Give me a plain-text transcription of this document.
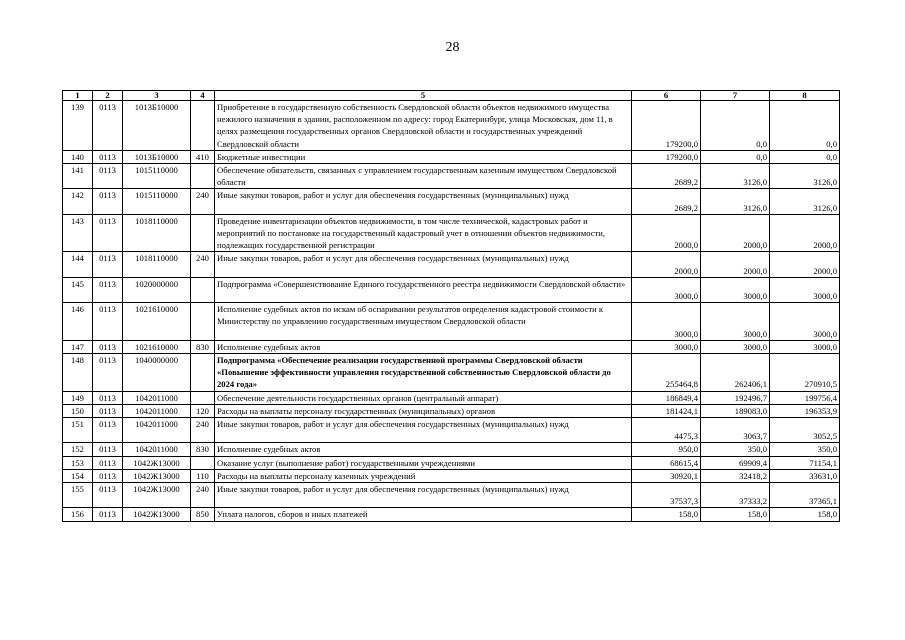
28
1	2	3	4	5	6	7	8
139	0113	1013Б10000		Приобретение в государственную собственность Свердловской области объектов недвижимого имущества нежилого назначения в здании, расположенном по адресу: город Екатеринбург, улица Московская, дом 11, в целях размещения государственных органов Свердловской области и государственных учреждений Свердловской области	179200,0	0,0	0,0
140	0113	1013Б10000	410	Бюджетные инвестиции	179200,0	0,0	0,0
141	0113	1015110000		Обеспечение обязательств, связанных с управлением государственным казенным имуществом Свердловской области	2689,2	3126,0	3126,0
142	0113	1015110000	240	Иные закупки товаров, работ и услуг для обеспечения государственных (муниципальных) нужд	2689,2	3126,0	3126,0
143	0113	1018110000		Проведение инвентаризации объектов недвижимости, в том числе технической, кадастровых работ и мероприятий по постановке на государственный кадастровый учет в отношении объектов недвижимости, подлежащих государственной регистрации	2000,0	2000,0	2000,0
144	0113	1018110000	240	Иные закупки товаров, работ и услуг для обеспечения государственных (муниципальных) нужд	2000,0	2000,0	2000,0
145	0113	1020000000		Подпрограмма «Совершенствование Единого государственного реестра недвижимости Свердловской области»	3000,0	3000,0	3000,0
146	0113	1021610000		Исполнение судебных актов по искам об оспаривании результатов определения кадастровой стоимости к Министерству по управлению государственным имуществом Свердловской области	3000,0	3000,0	3000,0
147	0113	1021610000	830	Исполнение судебных актов	3000,0	3000,0	3000,0
148	0113	1040000000		Подпрограмма «Обеспечение реализации государственной программы Свердловской области «Повышение эффективности управления государственной собственностью Свердловской области до 2024 года»	255464,8	262406,1	270910,5
149	0113	1042011000		Обеспечение деятельности государственных органов (центральный аппарат)	186849,4	192496,7	199756,4
150	0113	1042011000	120	Расходы на выплаты персоналу государственных (муниципальных) органов	181424,1	189083,0	196353,9
151	0113	1042011000	240	Иные закупки товаров, работ и услуг для обеспечения государственных (муниципальных) нужд	4475,3	3063,7	3052,5
152	0113	1042011000	830	Исполнение судебных актов	950,0	350,0	350,0
153	0113	1042Ж13000		Оказание услуг (выполнение работ) государственными учреждениями	68615,4	69909,4	71154,1
154	0113	1042Ж13000	110	Расходы на выплаты персоналу казенных учреждений	30920,1	32418,2	33631,0
155	0113	1042Ж13000	240	Иные закупки товаров, работ и услуг для обеспечения государственных (муниципальных) нужд	37537,3	37333,2	37365,1
156	0113	1042Ж13000	850	Уплата налогов, сборов и иных платежей	158,0	158,0	158,0
